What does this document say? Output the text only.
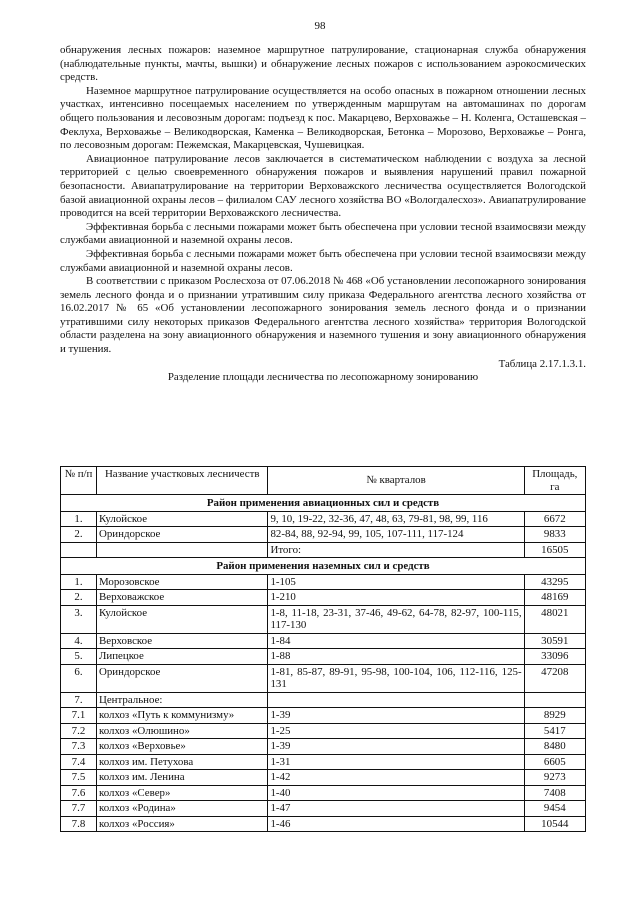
98

обнаружения лесных пожаров: наземное маршрутное патрулирование, стационарная служба обнаружения (наблюдательные пункты, мачты, вышки) и обнаружение лесных пожаров с использованием аэрокосмических средств.

Наземное маршрутное патрулирование осуществляется на особо опасных в пожарном отношении лесных участках, интенсивно посещаемых населением по утвержденным маршрутам на автомашинах по дорогам общего пользования и лесовозным дорогам: подъезд к пос. Макарцево, Верховажье – Н. Коленга, Осташевская – Феклуха, Верховажье – Великодворская, Каменка – Великодворская, Бетонка – Морозово, Верховажье – Ронга, по лесовозным дорогам: Пежемская, Макарцевская, Чушевицкая.

Авиационное патрулирование лесов заключается в систематическом наблюдении с воздуха за лесной территорией с целью своевременного обнаружения пожаров и выявления нарушений правил пожарной безопасности. Авиапатрулирование на территории Верховажского лесничества осуществляется Вологодской базой авиационной охраны лесов – филиалом САУ лесного хозяйства ВО «Вологдалесхоз». Авиапатрулирование проводится на всей территории Верховажского лесничества.

Эффективная борьба с лесными пожарами может быть обеспечена при условии тесной взаимосвязи между службами авиационной и наземной охраны лесов.

Эффективная борьба с лесными пожарами может быть обеспечена при условии тесной взаимосвязи между службами авиационной и наземной охраны лесов.

В соответствии с приказом Рослесхоза от 07.06.2018 № 468 «Об установлении лесопожарного зонирования земель лесного фонда и о признании утратившим силу приказа Федерального агентства лесного хозяйства от 16.02.2017 № 65 «Об установлении лесопожарного зонирования земель лесного фонда и о признании утратившими силу некоторых приказов Федерального агентства лесного хозяйства» территория Вологодской области разделена на зону авиационного обнаружения и наземного тушения и зону авиационного обнаружения и тушения.

Таблица 2.17.1.3.1.
Разделение площади лесничества по лесопожарному зонированию
№ п/п	Название участковых лесничеств	№ кварталов	Площадь, га
Район применения авиационных сил и средств			
1.	Кулойское	9, 10, 19-22, 32-36, 47, 48, 63, 79-81, 98, 99, 116	6672
2.	Ориндорское	82-84, 88, 92-94, 99, 105, 107-111, 117-124	9833
		Итого:	16505
Район применения наземных сил и средств			
1.	Морозовское	1-105	43295
2.	Верховажское	1-210	48169
3.	Кулойское	1-8, 11-18, 23-31, 37-46, 49-62, 64-78, 82-97, 100-115, 117-130	48021
4.	Верховское	1-84	30591
5.	Липецкое	1-88	33096
6.	Ориндорское	1-81, 85-87, 89-91, 95-98, 100-104, 106, 112-116, 125-131	47208
7.	Центральное:		
7.1	колхоз «Путь к коммунизму»	1-39	8929
7.2	колхоз «Олюшино»	1-25	5417
7.3	колхоз «Верховье»	1-39	8480
7.4	колхоз им. Петухова	1-31	6605
7.5	колхоз им. Ленина	1-42	9273
7.6	колхоз «Север»	1-40	7408
7.7	колхоз «Родина»	1-47	9454
7.8	колхоз «Россия»	1-46	10544
